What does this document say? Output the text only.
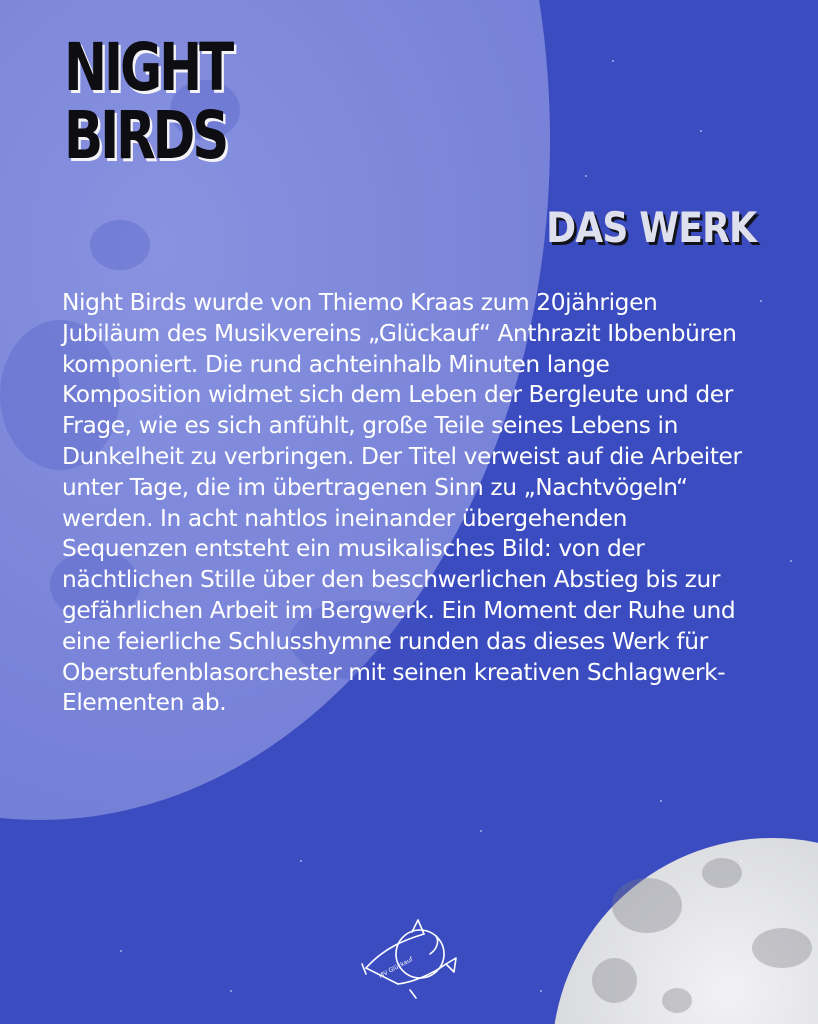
NIGHT
BIRDS
DAS WERK

Night Birds wurde von Thiemo Kraas zum 20jährigen Jubiläum des Musikvereins „Glückauf“ Anthrazit Ibbenbüren komponiert. Die rund achteinhalb Minuten lange Komposition widmet sich dem Leben der Bergleute und der Frage, wie es sich anfühlt, große Teile seines Lebens in Dunkelheit zu verbringen. Der Titel verweist auf die Arbeiter unter Tage, die im übertragenen Sinn zu „Nachtvögeln“ werden. In acht nahtlos ineinander übergehenden Sequenzen entsteht ein musikalisches Bild: von der nächtlichen Stille über den beschwerlichen Abstieg bis zur gefährlichen Arbeit im Bergwerk. Ein Moment der Ruhe und eine feierliche Schlusshymne runden das dieses Werk für Oberstufenblasorchester mit seinen kreativen Schlagwerk-Elementen ab.

MV Glückauf
